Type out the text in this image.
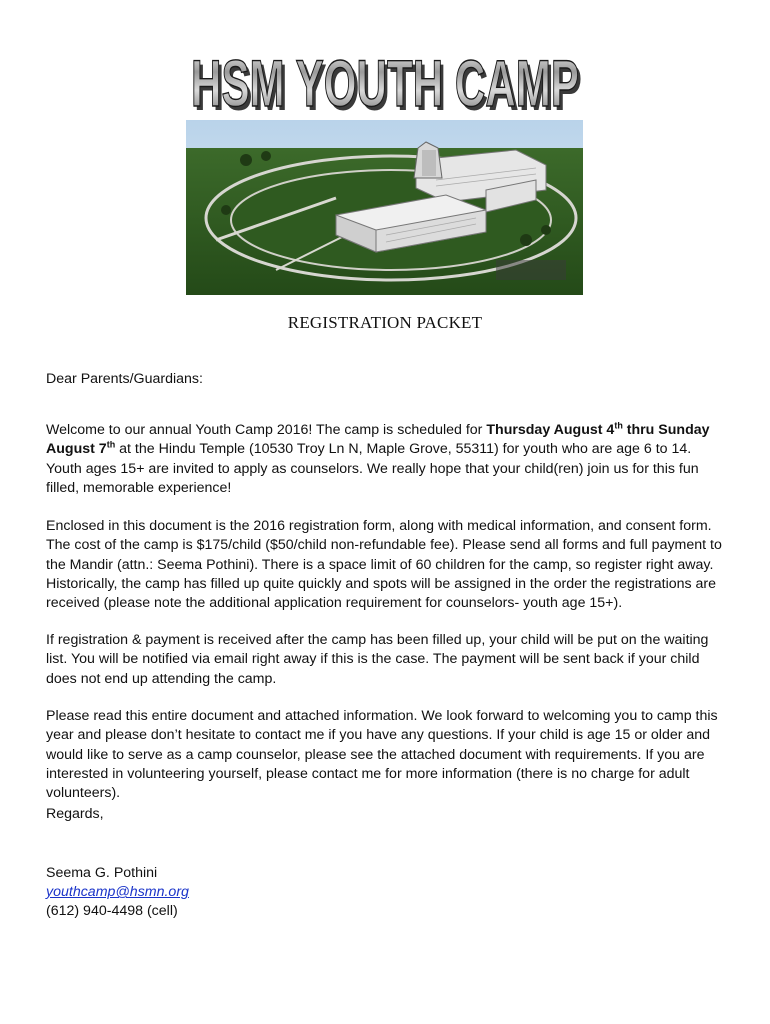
HSM YOUTH CAMP
HSM YOUTH CAMP
REGISTRATION PACKET
Dear Parents/Guardians:

Welcome to our annual Youth Camp 2016! The camp is scheduled for Thursday August 4th thru Sunday August 7th at the Hindu Temple (10530 Troy Ln N, Maple Grove, 55311) for youth who are age 6 to 14. Youth ages 15+ are invited to apply as counselors. We really hope that your child(ren) join us for this fun filled, memorable experience!

Enclosed in this document is the 2016 registration form, along with medical information, and consent form. The cost of the camp is $175/child ($50/child non-refundable fee). Please send all forms and full payment to the Mandir (attn.: Seema Pothini). There is a space limit of 60 children for the camp, so register right away. Historically, the camp has filled up quite quickly and spots will be assigned in the order the registrations are received (please note the additional application requirement for counselors- youth age 15+).

If registration & payment is received after the camp has been filled up, your child will be put on the waiting list. You will be notified via email right away if this is the case. The payment will be sent back if your child does not end up attending the camp.

Please read this entire document and attached information. We look forward to welcoming you to camp this year and please don’t hesitate to contact me if you have any questions. If your child is age 15 or older and would like to serve as a camp counselor, please see the attached document with requirements. If you are interested in volunteering yourself, please contact me for more information (there is no charge for adult volunteers).

Regards,
Seema G. Pothini
youthcamp@hsmn.org
(612) 940-4498 (cell)
